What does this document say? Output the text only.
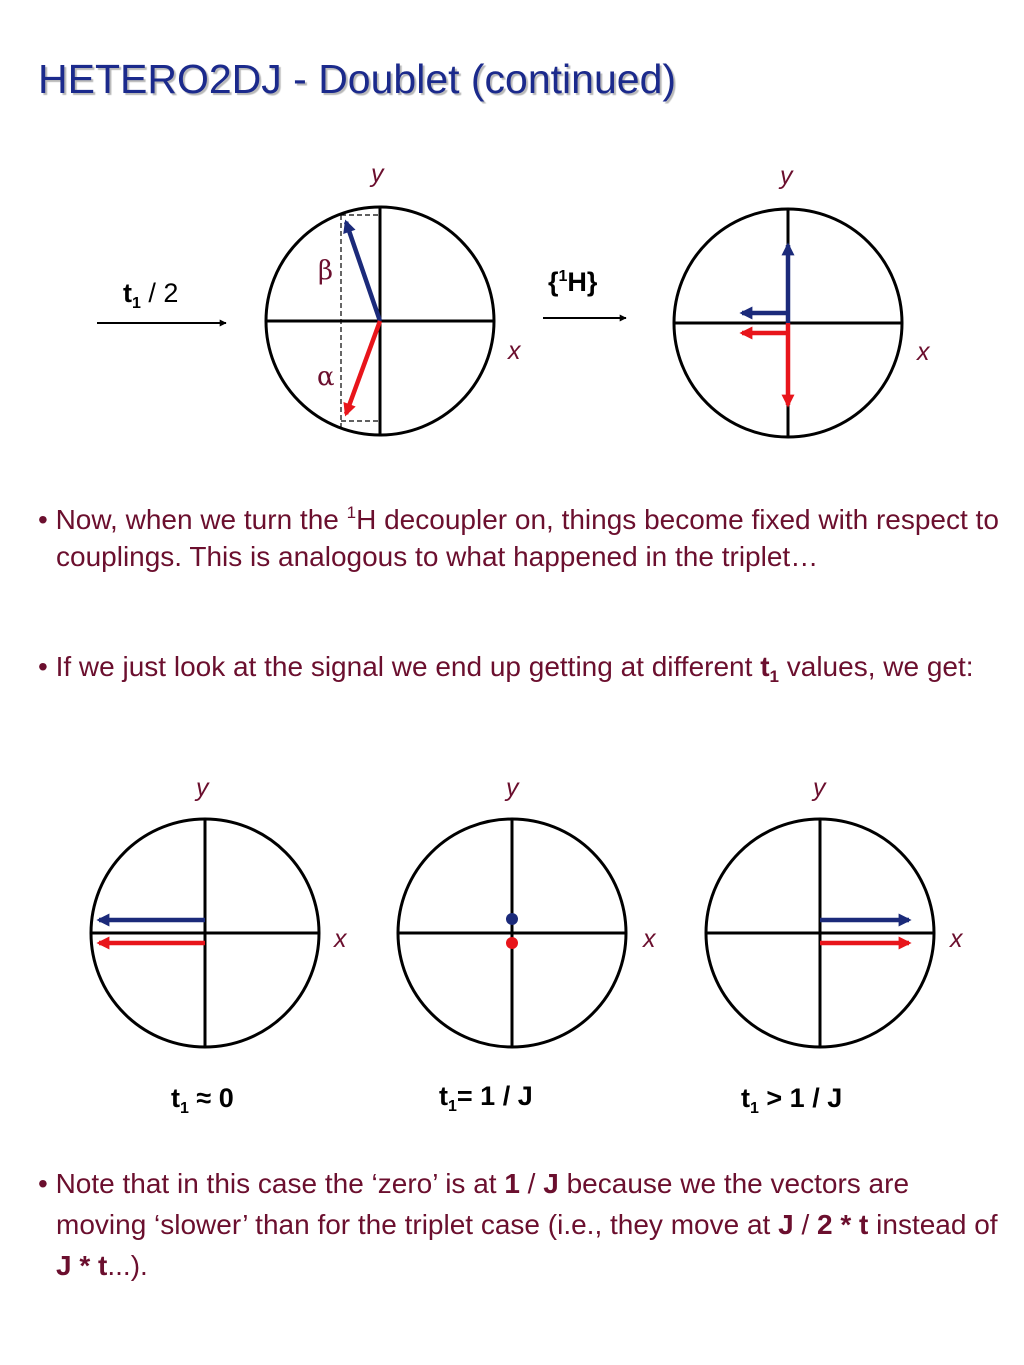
HETERO2DJ - Doublet (continued)
y
x
y
x
y
x
y
x
y
x
β
α
$t_1 / 2$	{$^1$H}

• Now, when we turn the $^1$H decoupler on, things become fixed with respect to couplings. This is analogous to what happened in the triplet…

• If we just look at the signal we end up getting at different $t_1$ values, we get:

• Note that in this case the ‘zero’ is at 1 / J because we the vectors are moving ‘slower’ than for the triplet case (i.e., they move at J / 2 * t instead of J * t...).

$t_1 \approx 0$	$t_1= 1 / J$	$t_1 > 1 / J$
